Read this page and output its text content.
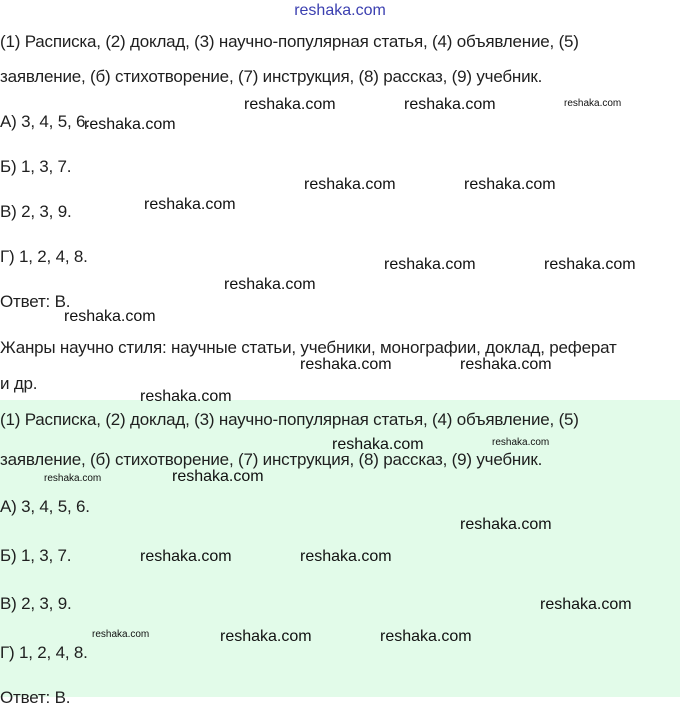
reshaka.com
(1) Расписка, (2) доклад, (3) научно-популярная статья, (4) объявление, (5)
заявление, (б) стихотворение, (7) инструкция, (8) рассказ, (9) учебник.
А) 3, 4, 5, 6.
Б) 1, 3, 7.
В) 2, 3, 9.
Г) 1, 2, 4, 8.
Ответ: В.
Жанры научно стиля: научные статьи, учебники, монографии, доклад, реферат
и др.
(1) Расписка, (2) доклад, (3) научно-популярная статья, (4) объявление, (5)
заявление, (б) стихотворение, (7) инструкция, (8) рассказ, (9) учебник.
А) 3, 4, 5, 6.
Б) 1, 3, 7.
В) 2, 3, 9.
Г) 1, 2, 4, 8.
Ответ: В.
reshaka.com	reshaka.com	reshaka.com
reshaka.com
reshaka.com	reshaka.com
reshaka.com
reshaka.com	reshaka.com
reshaka.com
reshaka.com
reshaka.com	reshaka.com
reshaka.com
reshaka.com	reshaka.com
reshaka.com	reshaka.com
reshaka.com
reshaka.com	reshaka.com
reshaka.com
reshaka.com	reshaka.com	reshaka.com
